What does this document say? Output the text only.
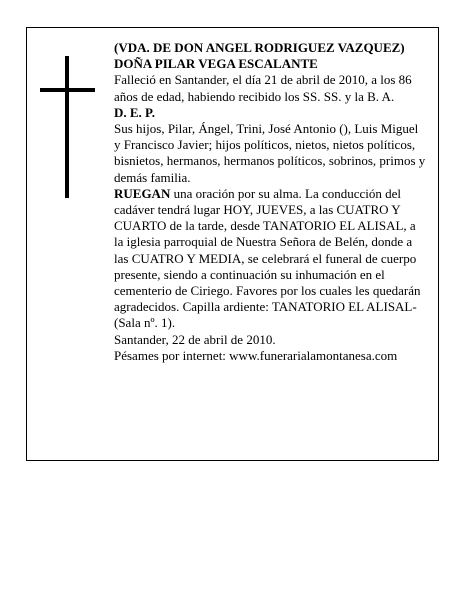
(VDA. DE DON ANGEL RODRIGUEZ VAZQUEZ)

DOÑA PILAR VEGA ESCALANTE

Falleció en Santander, el día 21 de abril de 2010, a los 86 años de edad, habiendo recibido los SS. SS. y la B. A.

D. E. P.

Sus hijos, Pilar, Ángel, Trini, José Antonio (), Luis Miguel y Francisco Javier; hijos políticos, nietos, nietos políticos, bisnietos, hermanos, hermanos políticos, sobrinos, primos y demás familia.

RUEGAN una oración por su alma. La conducción del cadáver tendrá lugar HOY, JUEVES, a las CUATRO Y CUARTO de la tarde, desde TANATORIO EL ALISAL, a la iglesia parroquial de Nuestra Señora de Belén, donde a las CUATRO Y MEDIA, se celebrará el funeral de cuerpo presente, siendo a continuación su inhumación en el cementerio de Ciriego. Favores por los cuales les quedarán agradecidos. Capilla ardiente: TANATORIO EL ALISAL-(Sala nº. 1).

Santander, 22 de abril de 2010.

Pésames por internet: www.funerarialamontanesa.com
